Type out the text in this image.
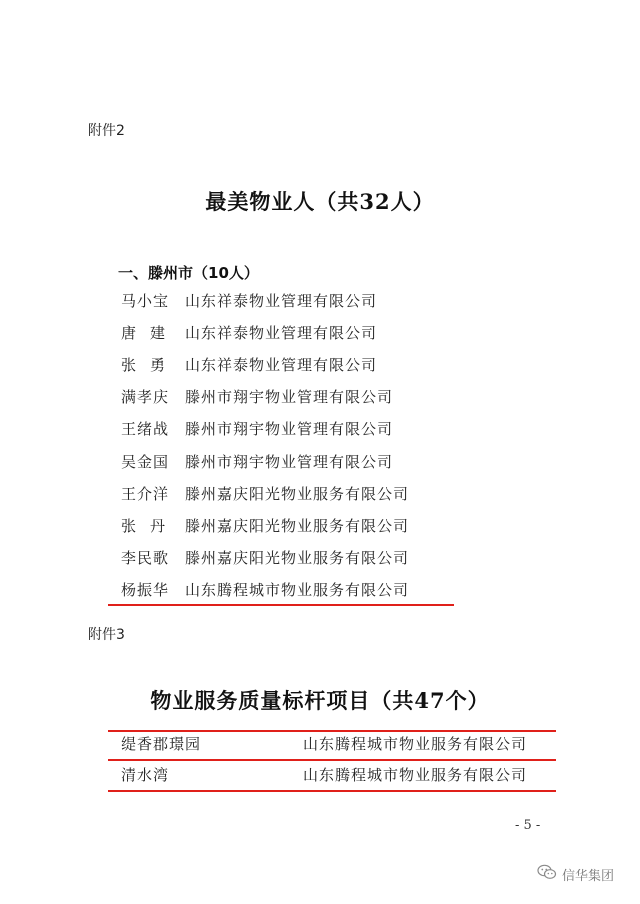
附件2
最美物业人（共32人）
一、滕州市（10人）
马小宝 山东祥泰物业管理有限公司
唐建 山东祥泰物业管理有限公司
张勇 山东祥泰物业管理有限公司
满孝庆 滕州市翔宇物业管理有限公司
王绪战 滕州市翔宇物业管理有限公司
吴金国 滕州市翔宇物业管理有限公司
王介洋 滕州嘉庆阳光物业服务有限公司
张丹 滕州嘉庆阳光物业服务有限公司
李民歌 滕州嘉庆阳光物业服务有限公司
杨振华 山东腾程城市物业服务有限公司
附件3
物业服务质量标杆项目（共47个）
缇香郡璟园	山东腾程城市物业服务有限公司
清水湾	山东腾程城市物业服务有限公司
- 5 -
信华集团
